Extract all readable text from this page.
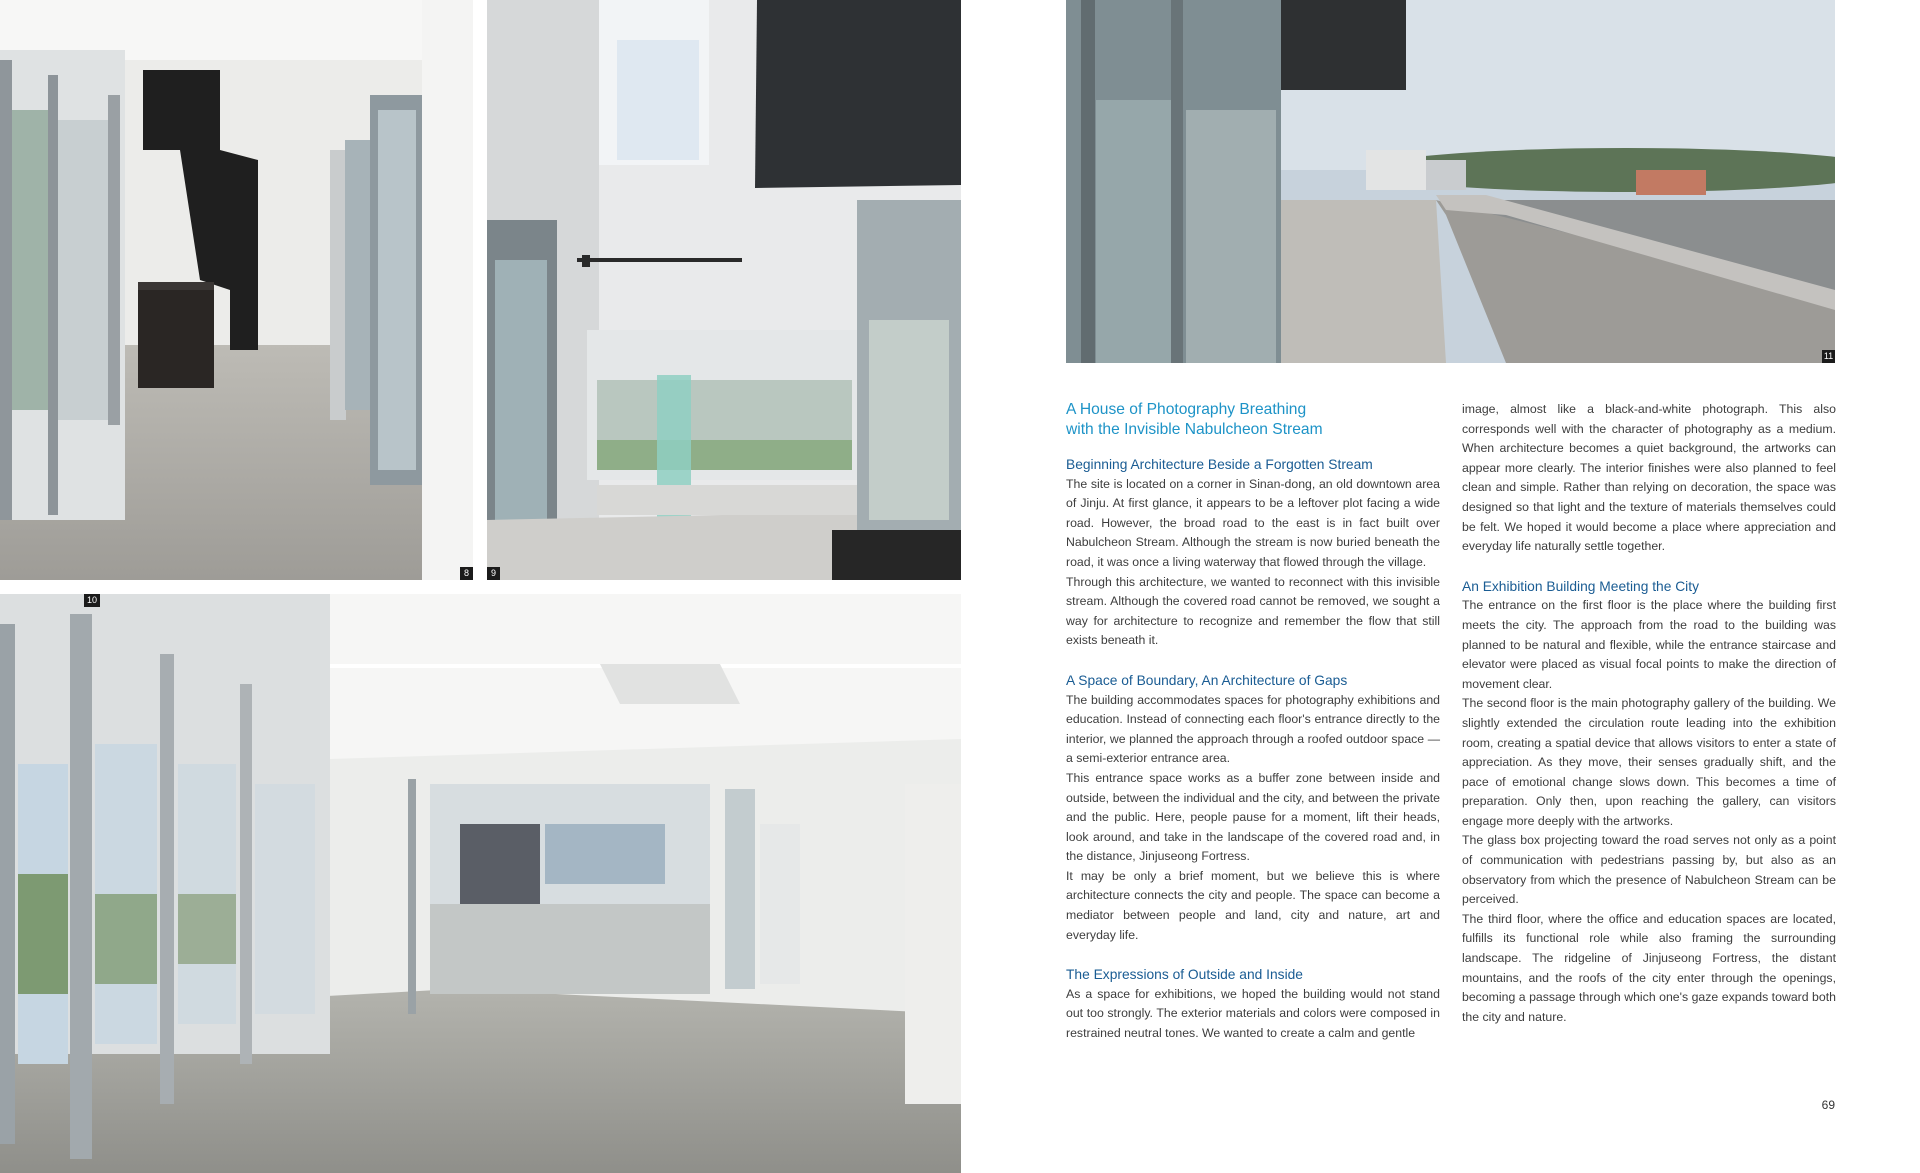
8	9
10
11
A House of Photography Breathing
with the Invisible Nabulcheon Stream
Beginning Architecture Beside a Forgotten Stream

The site is located on a corner in Sinan-dong, an old downtown area of Jinju. At first glance, it appears to be a leftover plot facing a wide road. However, the broad road to the east is in fact built over Nabulcheon Stream. Although the stream is now buried beneath the road, it was once a living waterway that flowed through the village.

Through this architecture, we wanted to reconnect with this invisible stream. Although the covered road cannot be removed, we sought a way for architecture to recognize and remember the flow that still exists beneath it.

A Space of Boundary, An Architecture of Gaps

The building accommodates spaces for photography exhibitions and education. Instead of connecting each floor's entrance directly to the interior, we planned the approach through a roofed outdoor space — a semi-exterior entrance area.

This entrance space works as a buffer zone between inside and outside, between the individual and the city, and between the private and the public. Here, people pause for a moment, lift their heads, look around, and take in the landscape of the covered road and, in the distance, Jinjuseong Fortress.

It may be only a brief moment, but we believe this is where architecture connects the city and people. The space can become a mediator between people and land, city and nature, art and everyday life.

The Expressions of Outside and Inside

As a space for exhibitions, we hoped the building would not stand out too strongly. The exterior materials and colors were composed in restrained neutral tones. We wanted to create a calm and gentle

image, almost like a black-and-white photograph. This also corresponds well with the character of photography as a medium. When architecture becomes a quiet background, the artworks can appear more clearly. The interior finishes were also planned to feel clean and simple. Rather than relying on decoration, the space was designed so that light and the texture of materials themselves could be felt. We hoped it would become a place where appreciation and everyday life naturally settle together.

An Exhibition Building Meeting the City

The entrance on the first floor is the place where the building first meets the city. The approach from the road to the building was planned to be natural and flexible, while the entrance staircase and elevator were placed as visual focal points to make the direction of movement clear.

The second floor is the main photography gallery of the building. We slightly extended the circulation route leading into the exhibition room, creating a spatial device that allows visitors to enter a state of appreciation. As they move, their senses gradually shift, and the pace of emotional change slows down. This becomes a time of preparation. Only then, upon reaching the gallery, can visitors engage more deeply with the artworks.

The glass box projecting toward the road serves not only as a point of communication with pedestrians passing by, but also as an observatory from which the presence of Nabulcheon Stream can be perceived.

The third floor, where the office and education spaces are located, fulfills its functional role while also framing the surrounding landscape. The ridgeline of Jinjuseong Fortress, the distant mountains, and the roofs of the city enter through the openings, becoming a passage through which one's gaze expands toward both the city and nature.

69
